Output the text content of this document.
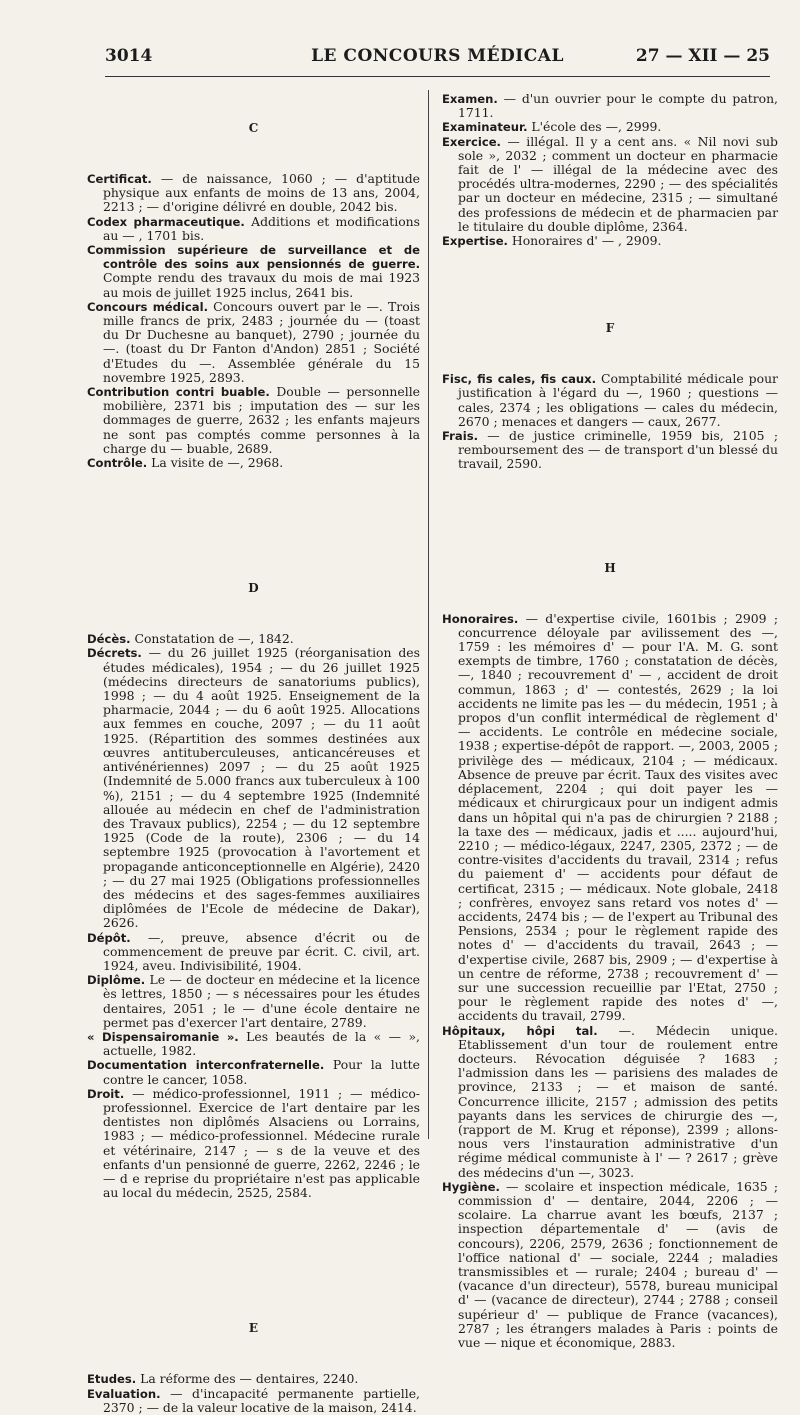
3014	LE CONCOURS MÉDICAL	27 — XII — 25
C
Certificat. — de naissance, 1060 ; — d'aptitude physique aux enfants de moins de 13 ans, 2004, 2213 ; — d'origine délivré en double, 2042 bis.
Codex pharmaceutique. Additions et modifications au — , 1701 bis.
Commission supérieure de surveillance et de contrôle des soins aux pensionnés de guerre. Compte rendu des travaux du mois de mai 1923 au mois de juillet 1925 inclus, 2641 bis.
Concours médical. Concours ouvert par le —. Trois mille francs de prix, 2483 ; journée du — (toast du Dr Duchesne au banquet), 2790 ; journée du —. (toast du Dr Fanton d'Andon) 2851 ; Société d'Etudes du —. Assemblée générale du 15 novembre 1925, 2893.
Contribution contri buable. Double — personnelle mobilière, 2371 bis ; imputation des — sur les dommages de guerre, 2632 ; les enfants majeurs ne sont pas comptés comme personnes à la charge du — buable, 2689.
Contrôle. La visite de —, 2968.
D
Décès. Constatation de —, 1842.
Décrets. — du 26 juillet 1925 (réorganisation des études médicales), 1954 ; — du 26 juillet 1925 (médecins directeurs de sanatoriums publics), 1998 ; — du 4 août 1925. Enseignement de la pharmacie, 2044 ; — du 6 août 1925. Allocations aux femmes en couche, 2097 ; — du 11 août 1925. (Répartition des sommes destinées aux œuvres antituberculeuses, anticancéreuses et antivénériennes) 2097 ; — du 25 août 1925 (Indemnité de 5.000 francs aux tuberculeux à 100 %), 2151 ; — du 4 septembre 1925 (Indemnité allouée au médecin en chef de l'administration des Travaux publics), 2254 ; — du 12 septembre 1925 (Code de la route), 2306 ; — du 14 septembre 1925 (provocation à l'avortement et propagande anticonceptionnelle en Algérie), 2420 ; — du 27 mai 1925 (Obligations professionnelles des médecins et des sages-femmes auxiliaires diplômées de l'Ecole de médecine de Dakar), 2626.
Dépôt. —, preuve, absence d'écrit ou de commencement de preuve par écrit. C. civil, art. 1924, aveu. Indivisibilité, 1904.
Diplôme. Le — de docteur en médecine et la licence ès lettres, 1850 ; — s nécessaires pour les études dentaires, 2051 ; le — d'une école dentaire ne permet pas d'exercer l'art dentaire, 2789.
« Dispensairomanie ». Les beautés de la « — », actuelle, 1982.
Documentation interconfraternelle. Pour la lutte contre le cancer, 1058.
Droit. — médico-professionnel, 1911 ; — médico-professionnel. Exercice de l'art dentaire par les dentistes non diplômés Alsaciens ou Lorrains, 1983 ; — médico-professionnel. Médecine rurale et vétérinaire, 2147 ; — s de la veuve et des enfants d'un pensionné de guerre, 2262, 2246 ; le — d e reprise du propriétaire n'est pas applicable au local du médecin, 2525, 2584.
E
Etudes. La réforme des — dentaires, 2240.
Evaluation. — d'incapacité permanente partielle, 2370 ; — de la valeur locative de la maison, 2414.
Examen. — d'un ouvrier pour le compte du patron, 1711.
Examinateur. L'école des —, 2999.
Exercice. — illégal. Il y a cent ans. « Nil novi sub sole », 2032 ; comment un docteur en pharmacie fait de l' — illégal de la médecine avec des procédés ultra-modernes, 2290 ; — des spécialités par un docteur en médecine, 2315 ; — simultané des professions de médecin et de pharmacien par le titulaire du double diplôme, 2364.
Expertise. Honoraires d' — , 2909.
F
Fisc, fis cales, fis caux. Comptabilité médicale pour justification à l'égard du —, 1960 ; questions — cales, 2374 ; les obligations — cales du médecin, 2670 ; menaces et dangers — caux, 2677.
Frais. — de justice criminelle, 1959 bis, 2105 ; remboursement des — de transport d'un blessé du travail, 2590.
H
Honoraires. — d'expertise civile, 1601bis ; 2909 ; concurrence déloyale par avilissement des —, 1759 : les mémoires d' — pour l'A. M. G. sont exempts de timbre, 1760 ; constatation de décès, —, 1840 ; recouvrement d' — , accident de droit commun, 1863 ; d' — contestés, 2629 ; la loi accidents ne limite pas les — du médecin, 1951 ; à propos d'un conflit intermédical de règlement d' — accidents. Le contrôle en médecine sociale, 1938 ; expertise-dépôt de rapport. —, 2003, 2005 ; privilège des — médicaux, 2104 ; — médicaux. Absence de preuve par écrit. Taux des visites avec déplacement, 2204 ; qui doit payer les — médicaux et chirurgicaux pour un indigent admis dans un hôpital qui n'a pas de chirurgien ? 2188 ; la taxe des — médicaux, jadis et ..... aujourd'hui, 2210 ; — médico-légaux, 2247, 2305, 2372 ; — de contre-visites d'accidents du travail, 2314 ; refus du paiement d' — accidents pour défaut de certificat, 2315 ; — médicaux. Note globale, 2418 ; confrères, envoyez sans retard vos notes d' — accidents, 2474 bis ; — de l'expert au Tribunal des Pensions, 2534 ; pour le règlement rapide des notes d' — d'accidents du travail, 2643 ; — d'expertise civile, 2687 bis, 2909 ; — d'expertise à un centre de réforme, 2738 ; recouvrement d' — sur une succession recueillie par l'Etat, 2750 ; pour le règlement rapide des notes d' —, accidents du travail, 2799.
Hôpitaux, hôpi tal. —. Médecin unique. Etablissement d'un tour de roulement entre docteurs. Révocation déguisée ? 1683 ; l'admission dans les — parisiens des malades de province, 2133 ; — et maison de santé. Concurrence illicite, 2157 ; admission des petits payants dans les services de chirurgie des —, (rapport de M. Krug et réponse), 2399 ; allons-nous vers l'instauration administrative d'un régime médical communiste à l' — ? 2617 ; grève des médecins d'un —, 3023.
Hygiène. — scolaire et inspection médicale, 1635 ; commission d' — dentaire, 2044, 2206 ; — scolaire. La charrue avant les bœufs, 2137 ; inspection départementale d' — (avis de concours), 2206, 2579, 2636 ; fonctionnement de l'office national d' — sociale, 2244 ; maladies transmissibles et — rurale; 2404 ; bureau d' — (vacance d'un directeur), 5578, bureau municipal d' — (vacance de directeur), 2744 ; 2788 ; conseil supérieur d' — publique de France (vacances), 2787 ; les étrangers malades à Paris : points de vue — nique et économique, 2883.
